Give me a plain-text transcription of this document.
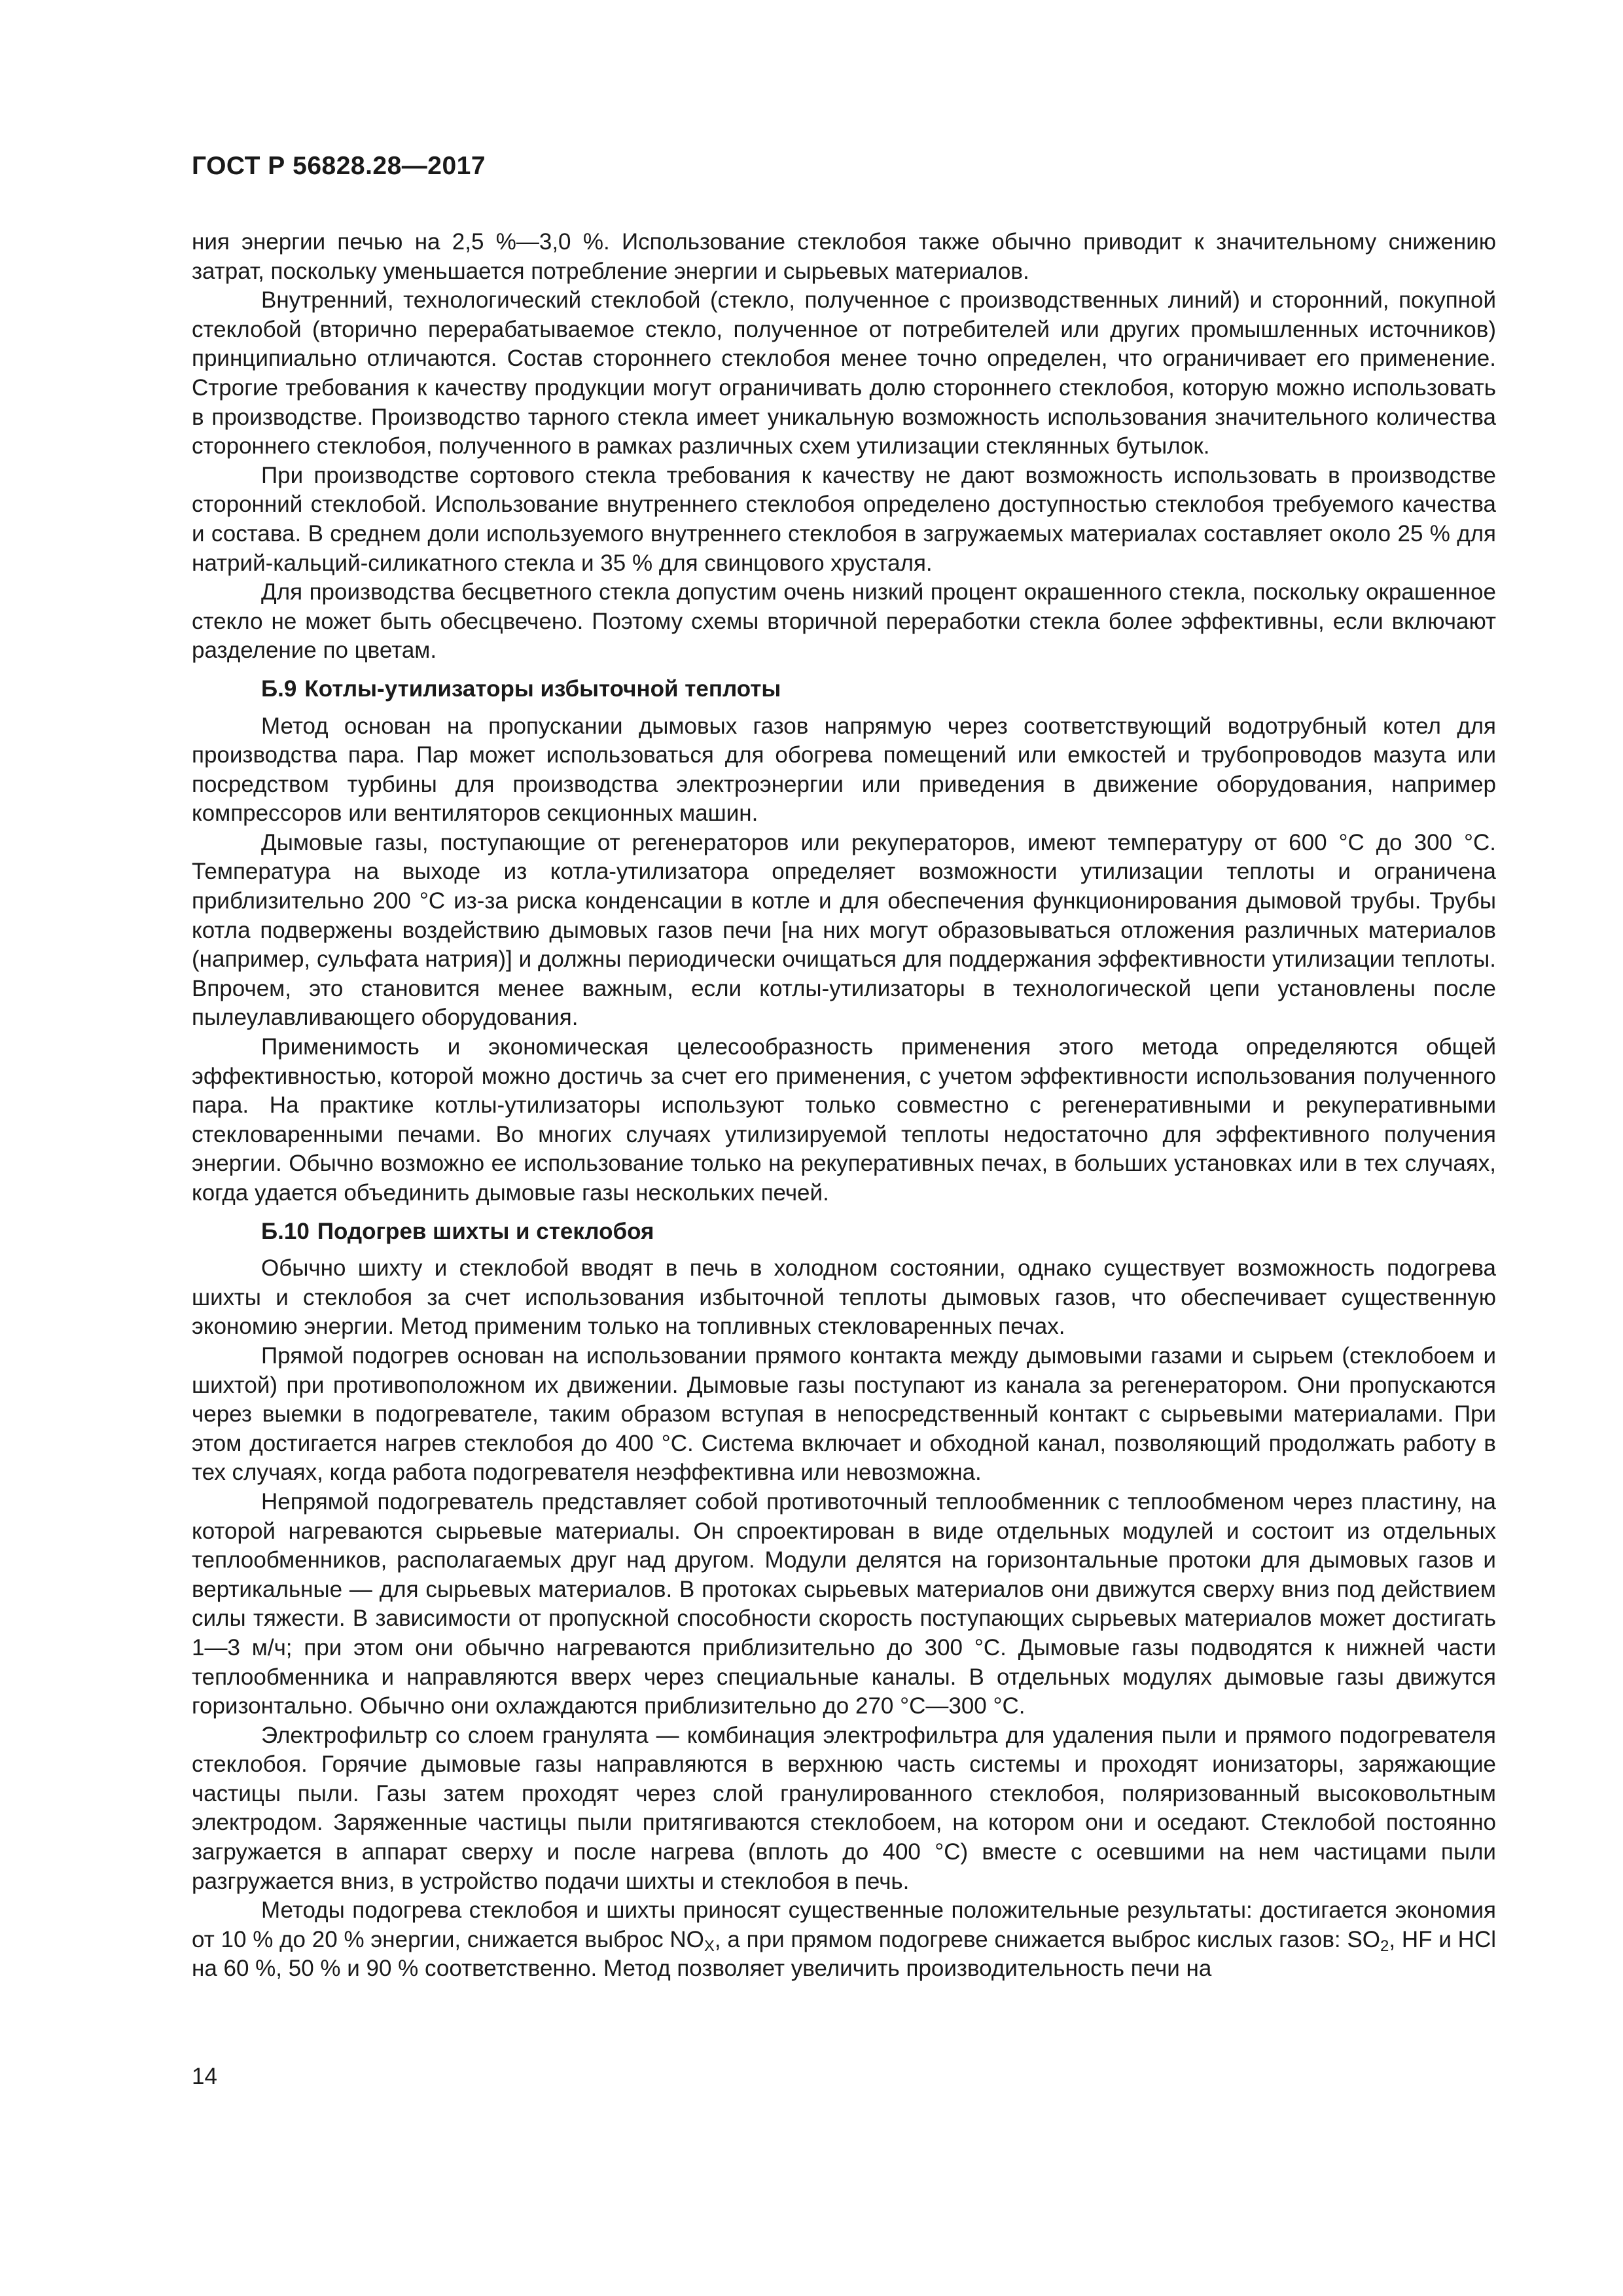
ГОСТ Р 56828.28—2017

ния энергии печью на 2,5 %—3,0 %. Использование стеклобоя также обычно приводит к значительному снижению затрат, поскольку уменьшается потребление энергии и сырьевых материалов.

Внутренний, технологический стеклобой (стекло, полученное с производственных линий) и сторонний, покупной стеклобой (вторично перерабатываемое стекло, полученное от потребителей или других промышленных источников) принципиально отличаются. Состав стороннего стеклобоя менее точно определен, что ограничивает его применение. Строгие требования к качеству продукции могут ограничивать долю стороннего стеклобоя, которую можно использовать в производстве. Производство тарного стекла имеет уникальную возможность использования значительного количества стороннего стеклобоя, полученного в рамках различных схем утилизации стеклянных бутылок.

При производстве сортового стекла требования к качеству не дают возможность использовать в производстве сторонний стеклобой. Использование внутреннего стеклобоя определено доступностью стеклобоя требуемого качества и состава. В среднем доли используемого внутреннего стеклобоя в загружаемых материалах составляет около 25 % для натрий-кальций-силикатного стекла и 35 % для свинцового хрусталя.

Для производства бесцветного стекла допустим очень низкий процент окрашенного стекла, поскольку окрашенное стекло не может быть обесцвечено. Поэтому схемы вторичной переработки стекла более эффективны, если включают разделение по цветам.

Б.9 Котлы-утилизаторы избыточной теплоты

Метод основан на пропускании дымовых газов напрямую через соответствующий водотрубный котел для производства пара. Пар может использоваться для обогрева помещений или емкостей и трубопроводов мазута или посредством турбины для производства электроэнергии или приведения в движение оборудования, например компрессоров или вентиляторов секционных машин.

Дымовые газы, поступающие от регенераторов или рекуператоров, имеют температуру от 600 °С до 300 °С. Температура на выходе из котла-утилизатора определяет возможности утилизации теплоты и ограничена приблизительно 200 °С из-за риска конденсации в котле и для обеспечения функционирования дымовой трубы. Трубы котла подвержены воздействию дымовых газов печи [на них могут образовываться отложения различных материалов (например, сульфата натрия)] и должны периодически очищаться для поддержания эффективности утилизации теплоты. Впрочем, это становится менее важным, если котлы-утилизаторы в технологической цепи установлены после пылеулавливающего оборудования.

Применимость и экономическая целесообразность применения этого метода определяются общей эффективностью, которой можно достичь за счет его применения, с учетом эффективности использования полученного пара. На практике котлы-утилизаторы используют только совместно с регенеративными и рекуперативными стекловаренными печами. Во многих случаях утилизируемой теплоты недостаточно для эффективного получения энергии. Обычно возможно ее использование только на рекуперативных печах, в больших установках или в тех случаях, когда удается объединить дымовые газы нескольких печей.

Б.10 Подогрев шихты и стеклобоя

Обычно шихту и стеклобой вводят в печь в холодном состоянии, однако существует возможность подогрева шихты и стеклобоя за счет использования избыточной теплоты дымовых газов, что обеспечивает существенную экономию энергии. Метод применим только на топливных стекловаренных печах.

Прямой подогрев основан на использовании прямого контакта между дымовыми газами и сырьем (стеклобоем и шихтой) при противоположном их движении. Дымовые газы поступают из канала за регенератором. Они пропускаются через выемки в подогревателе, таким образом вступая в непосредственный контакт с сырьевыми материалами. При этом достигается нагрев стеклобоя до 400 °С. Система включает и обходной канал, позволяющий продолжать работу в тех случаях, когда работа подогревателя неэффективна или невозможна.

Непрямой подогреватель представляет собой противоточный теплообменник с теплообменом через пластину, на которой нагреваются сырьевые материалы. Он спроектирован в виде отдельных модулей и состоит из отдельных теплообменников, располагаемых друг над другом. Модули делятся на горизонтальные протоки для дымовых газов и вертикальные — для сырьевых материалов. В протоках сырьевых материалов они движутся сверху вниз под действием силы тяжести. В зависимости от пропускной способности скорость поступающих сырьевых материалов может достигать 1—3 м/ч; при этом они обычно нагреваются приблизительно до 300 °С. Дымовые газы подводятся к нижней части теплообменника и направляются вверх через специальные каналы. В отдельных модулях дымовые газы движутся горизонтально. Обычно они охлаждаются приблизительно до 270 °С—300 °С.

Электрофильтр со слоем гранулята — комбинация электрофильтра для удаления пыли и прямого подогревателя стеклобоя. Горячие дымовые газы направляются в верхнюю часть системы и проходят ионизаторы, заряжающие частицы пыли. Газы затем проходят через слой гранулированного стеклобоя, поляризованный высоковольтным электродом. Заряженные частицы пыли притягиваются стеклобоем, на котором они и оседают. Стеклобой постоянно загружается в аппарат сверху и после нагрева (вплоть до 400 °С) вместе с осевшими на нем частицами пыли разгружается вниз, в устройство подачи шихты и стеклобоя в печь.

Методы подогрева стеклобоя и шихты приносят существенные положительные результаты: достигается экономия от 10 % до 20 % энергии, снижается выброс $NO_X$, а при прямом подогреве снижается выброс кислых газов: $SO_2$, HF и HCl на 60 %, 50 % и 90 % соответственно. Метод позволяет увеличить производительность печи на

14
